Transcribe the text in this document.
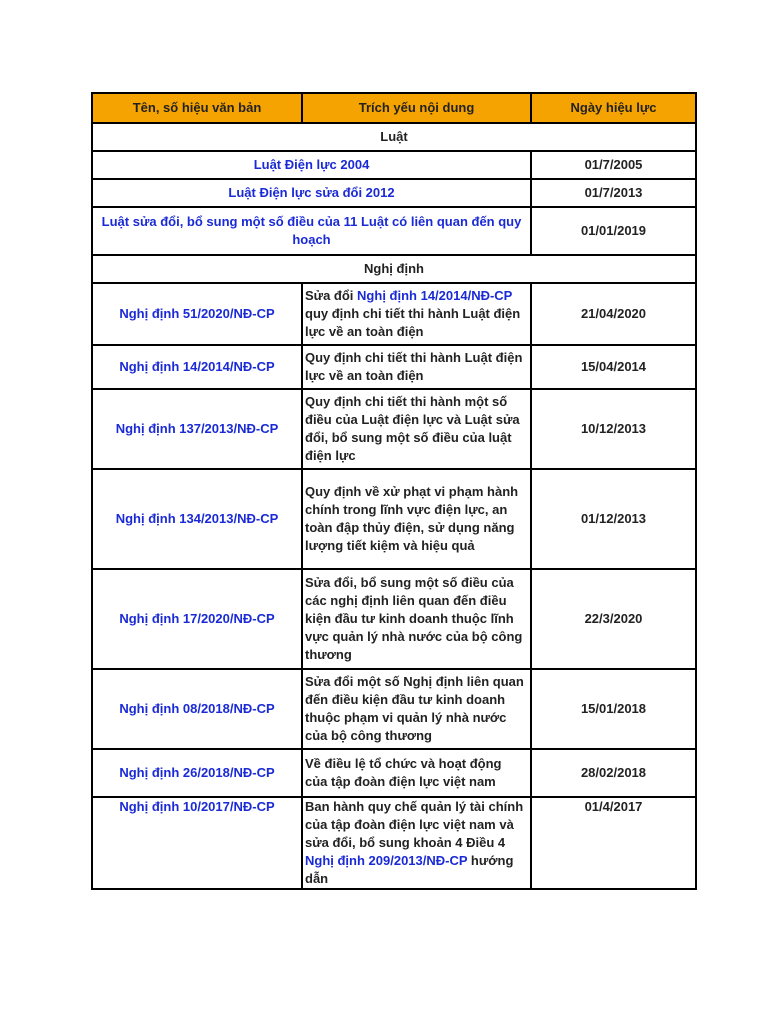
Tên, số hiệu văn bản	Trích yếu nội dung	Ngày hiệu lực
Luật		
Luật Điện lực 2004		01/7/2005
Luật Điện lực sửa đổi 2012		01/7/2013
Luật sửa đổi, bổ sung một số điều của 11 Luật có liên quan đến quy hoạch		01/01/2019
Nghị định		
Nghị định 51/2020/NĐ-CP	Sửa đổi Nghị định 14/2014/NĐ-CP quy định chi tiết thi hành Luật điện lực về an toàn điện	21/04/2020
Nghị định 14/2014/NĐ-CP	Quy định chi tiết thi hành Luật điện lực về an toàn điện	15/04/2014
Nghị định 137/2013/NĐ-CP	Quy định chi tiết thi hành một số điều của Luật điện lực và Luật sửa đổi, bổ sung một số điều của luật điện lực	10/12/2013
Nghị định 134/2013/NĐ-CP	Quy định về xử phạt vi phạm hành chính trong lĩnh vực điện lực, an toàn đập thủy điện, sử dụng năng lượng tiết kiệm và hiệu quả	01/12/2013
Nghị định 17/2020/NĐ-CP	Sửa đổi, bổ sung một số điều của các nghị định liên quan đến điều kiện đầu tư kinh doanh thuộc lĩnh vực quản lý nhà nước của bộ công thương	22/3/2020
Nghị định 08/2018/NĐ-CP	Sửa đổi một số Nghị định liên quan đến điều kiện đầu tư kinh doanh thuộc phạm vi quản lý nhà nước của bộ công thương	15/01/2018
Nghị định 26/2018/NĐ-CP	Về điều lệ tổ chức và hoạt động của tập đoàn điện lực việt nam	28/02/2018
Nghị định 10/2017/NĐ-CP	Ban hành quy chế quản lý tài chính của tập đoàn điện lực việt nam và sửa đổi, bổ sung khoản 4 Điều 4 Nghị định 209/2013/NĐ-CP hướng dẫn	01/4/2017
